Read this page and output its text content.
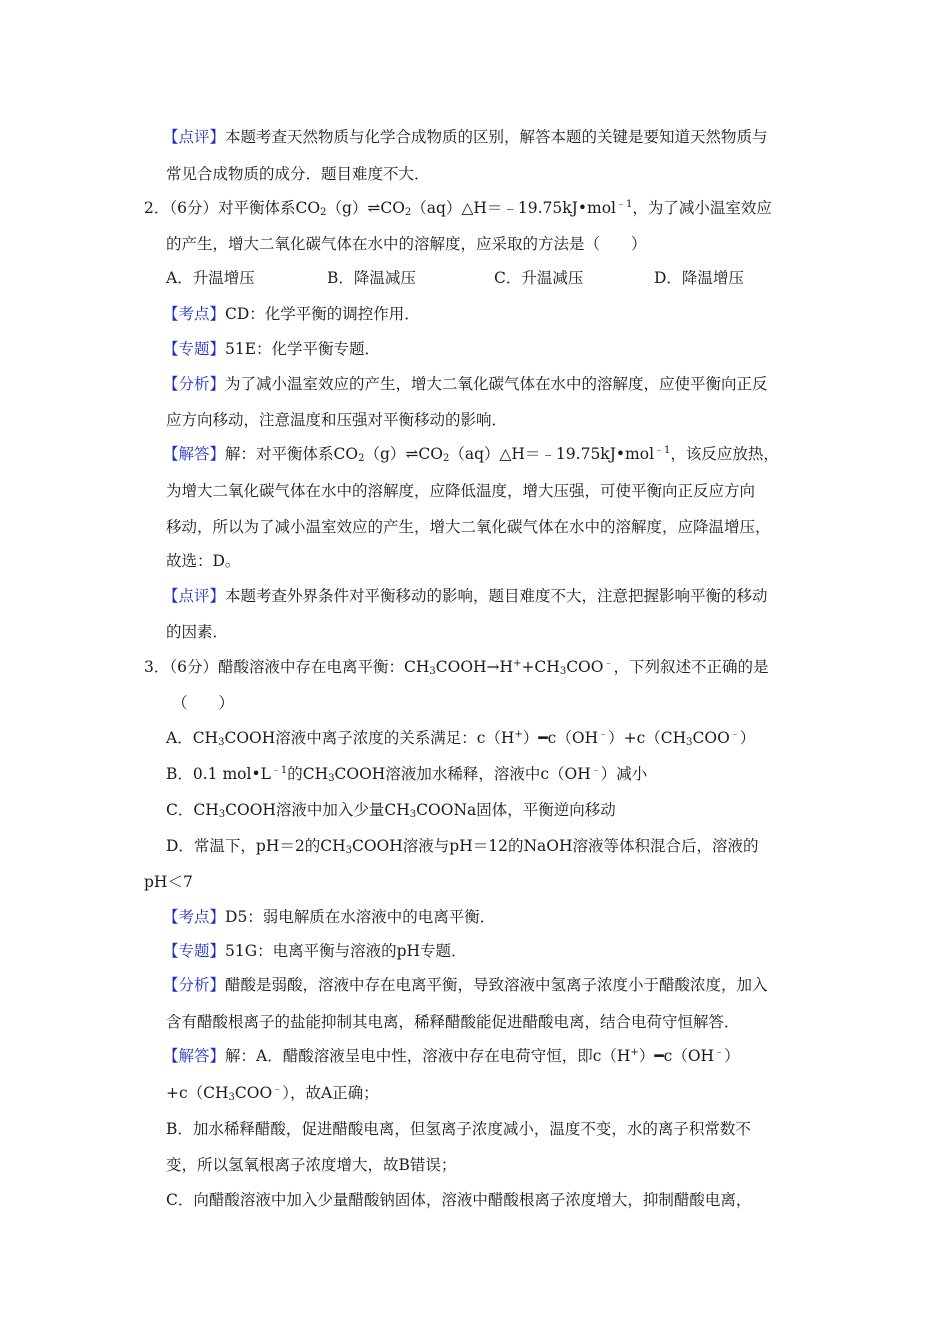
【点评】本题考查天然物质与化学合成物质的区别，解答本题的关键是要知道天然物质与
常见合成物质的成分．题目难度不大．
2．（6分）对平衡体系$CO_2(g)\rightleftharpoons CO_2(aq)\triangle H=﹣19.75kJ•mol^{﹣1}$，为了减小温室效应
的产生，增大二氧化碳气体在水中的溶解度，应采取的方法是（　　）
A．升温增压	B．降温减压	C．升温减压	D．降温增压
【考点】CD：化学平衡的调控作用．
【专题】51E：化学平衡专题．
【分析】为了减小温室效应的产生，增大二氧化碳气体在水中的溶解度，应使平衡向正反
应方向移动，注意温度和压强对平衡移动的影响．
【解答】解：对平衡体系$CO_2(g)\rightleftharpoons CO_2(aq)\triangle H=﹣19.75kJ•mol^{﹣1}$，该反应放热，
为增大二氧化碳气体在水中的溶解度，应降低温度，增大压强，可使平衡向正反应方向
移动，所以为了减小温室效应的产生，增大二氧化碳气体在水中的溶解度，应降温增压，
故选：D。
【点评】本题考查外界条件对平衡移动的影响，题目难度不大，注意把握影响平衡的移动
的因素．
3．（6分）醋酸溶液中存在电离平衡：$CH_3COOH\to H^++CH_3COO^﹣$，下列叙述不正确的是
（　　）
A．$CH_3COOH$溶液中离子浓度的关系满足：$c(H^+)━c(OH^﹣)+c(CH_3COO^﹣)$
B．0.1 $mol•L^{﹣1}$的$CH_3COOH$溶液加水稀释，溶液中c（OH﹣）减小
C．$CH_3COOH$溶液中加入少量$CH_3COONa$固体，平衡逆向移动
D．常温下，pH＝2的$CH_3COOH$溶液与pH＝12的NaOH溶液等体积混合后，溶液的
pH＜7
【考点】D5：弱电解质在水溶液中的电离平衡．
【专题】51G：电离平衡与溶液的pH专题．
【分析】醋酸是弱酸，溶液中存在电离平衡，导致溶液中氢离子浓度小于醋酸浓度，加入
含有醋酸根离子的盐能抑制其电离，稀释醋酸能促进醋酸电离，结合电荷守恒解答．
【解答】解：A．醋酸溶液呈电中性，溶液中存在电荷守恒，即c（H+）━c（OH﹣）
$+c(CH_3COO^﹣)$，故A正确；
B．加水稀释醋酸，促进醋酸电离，但氢离子浓度减小，温度不变，水的离子积常数不
变，所以氢氧根离子浓度增大，故B错误；
C．向醋酸溶液中加入少量醋酸钠固体，溶液中醋酸根离子浓度增大，抑制醋酸电离，
